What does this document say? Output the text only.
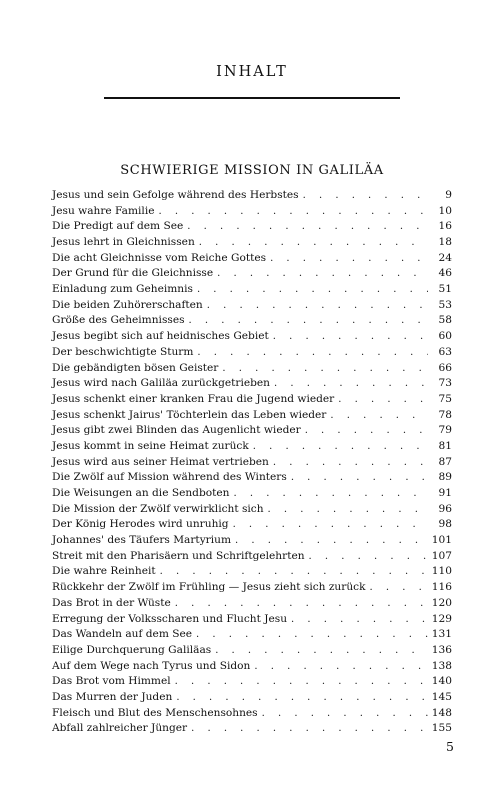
INHALT
SCHWIERIGE MISSION IN GALILÄA
Jesus und sein Gefolge während des Herbstes . . .	9
Jesu wahre Familie . . .	10
Die Predigt auf dem See . . .	16
Jesus lehrt in Gleichnissen . . .	18
Die acht Gleichnisse vom Reiche Gottes . . .	24
Der Grund für die Gleichnisse . . .	46
Einladung zum Geheimnis . . .	51
Die beiden Zuhörerschaften . . .	53
Größe des Geheimnisses . . .	58
Jesus begibt sich auf heidnisches Gebiet . . .	60
Der beschwichtigte Sturm . . .	63
Die gebändigten bösen Geister . . .	66
Jesus wird nach Galiläa zurückgetrieben . . .	73
Jesus schenkt einer kranken Frau die Jugend wieder . . .	75
Jesus schenkt Jairus' Töchterlein das Leben wieder . . .	78
Jesus gibt zwei Blinden das Augenlicht wieder . . .	79
Jesus kommt in seine Heimat zurück . . .	81
Jesus wird aus seiner Heimat vertrieben . . .	87
Die Zwölf auf Mission während des Winters . . .	89
Die Weisungen an die Sendboten . . .	91
Die Mission der Zwölf verwirklicht sich . . .	96
Der König Herodes wird unruhig . . .	98
Johannes' des Täufers Martyrium . . .	101
Streit mit den Pharisäern und Schriftgelehrten . . .	107
Die wahre Reinheit . . .	110
Rückkehr der Zwölf im Frühling — Jesus zieht sich zurück . . .	116
Das Brot in der Wüste . . .	120
Erregung der Volksscharen und Flucht Jesu . . .	129
Das Wandeln auf dem See . . .	131
Eilige Durchquerung Galiläas . . .	136
Auf dem Wege nach Tyrus und Sidon . . .	138
Das Brot vom Himmel . . .	140
Das Murren der Juden . . .	145
Fleisch und Blut des Menschensohnes . . .	148
Abfall zahlreicher Jünger . . .	155
5
